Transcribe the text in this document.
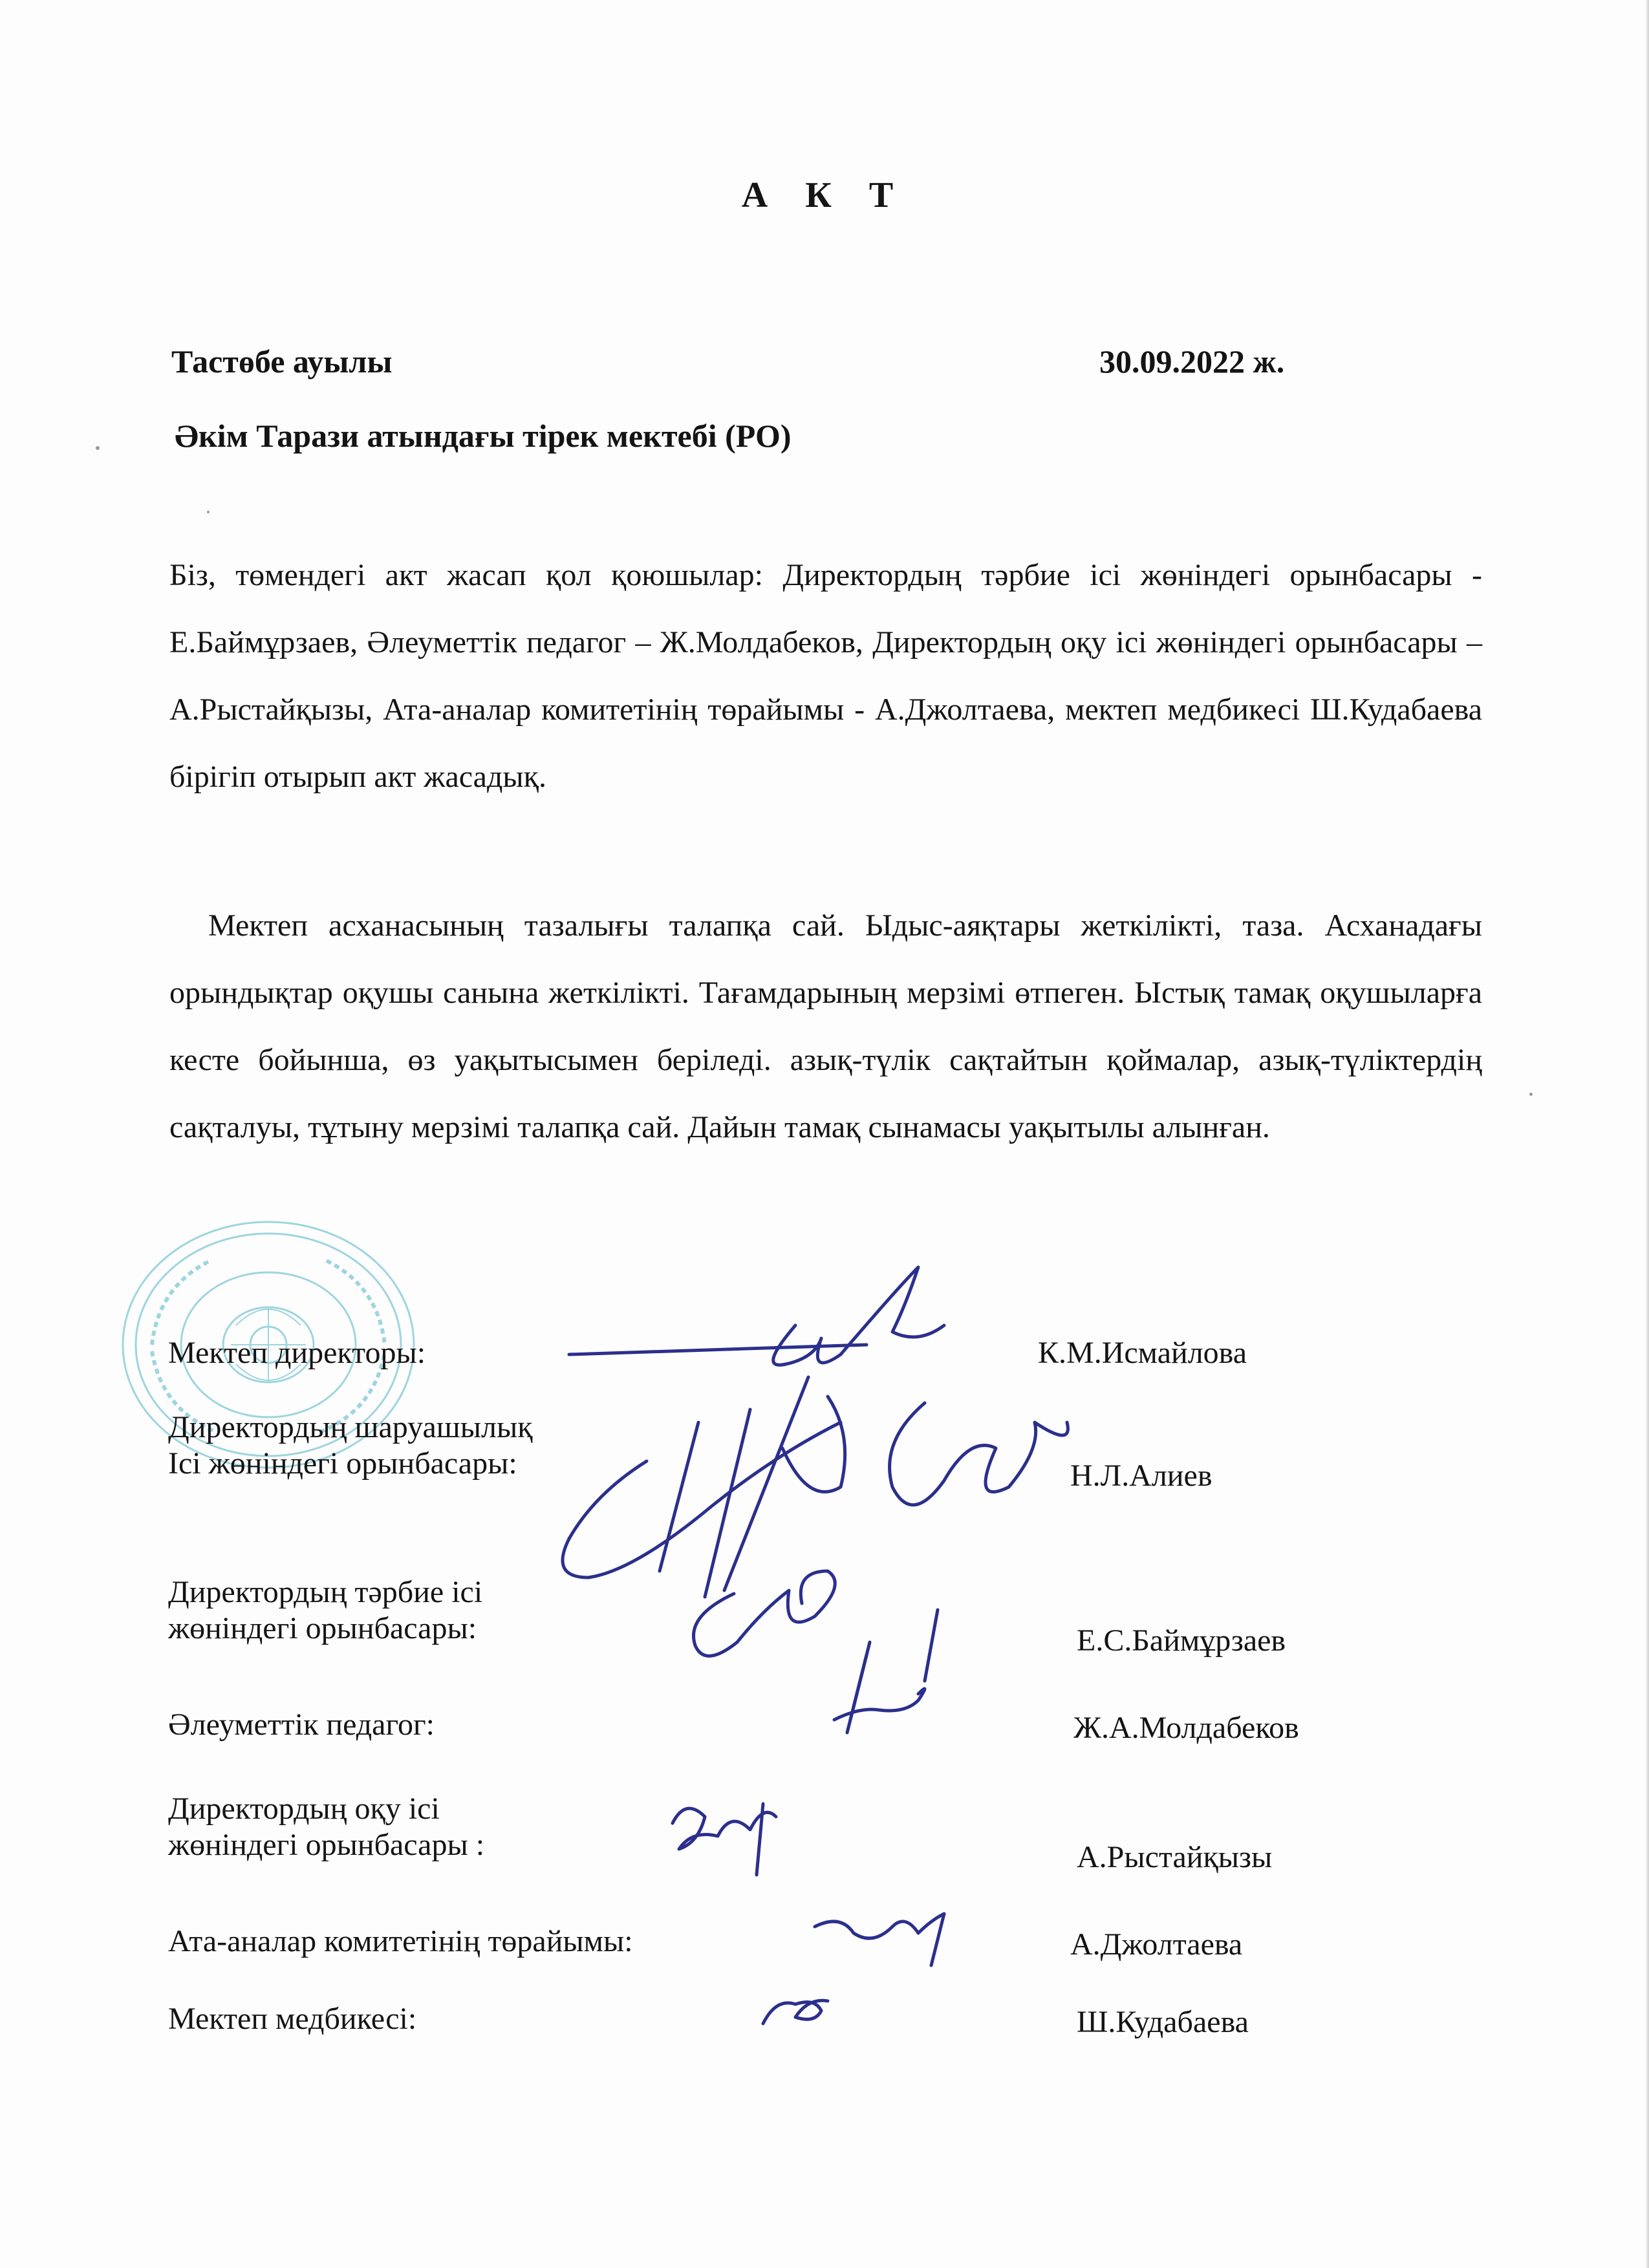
А К Т
Тастөбе ауылы	30.09.2022 ж.
Әкім Тарази атындағы тірек мектебі (РО)
Біз, төмендегі акт жасап қол қоюшылар: Директордың тәрбие ісі жөніндегі орынбасары - Е.Баймұрзаев, Әлеуметтік педагог – Ж.Молдабеков, Директордың оқу ісі жөніндегі орынбасары – А.Рыстайқызы, Ата-аналар комитетінің төрайымы - А.Джолтаева, мектеп медбикесі Ш.Кудабаева бірігіп отырып акт жасадық.
Мектеп асханасының тазалығы талапқа сай. Ыдыс-аяқтары жеткілікті, таза. Асханадағы орындықтар оқушы санына жеткілікті. Тағамдарының мерзімі өтпеген. Ыстық тамақ оқушыларға кесте бойынша, өз уақытысымен беріледі. азық-түлік сақтайтын қоймалар, азық-түліктердің сақталуы, тұтыну мерзімі талапқа сай. Дайын тамақ сынамасы уақытылы алынған.
Мектеп директоры:	К.М.Исмайлова
Директордың шаруашылық
Ісі жөніндегі орынбасары:	Н.Л.Алиев
Директордың тәрбие ісі
жөніндегі орынбасары:	Е.С.Баймұрзаев
Әлеуметтік педагог:	Ж.А.Молдабеков
Директордың оқу ісі
жөніндегі орынбасары :	А.Рыстайқызы
Ата-аналар комитетінің төрайымы:	А.Джолтаева
Мектеп медбикесі:	Ш.Кудабаева
